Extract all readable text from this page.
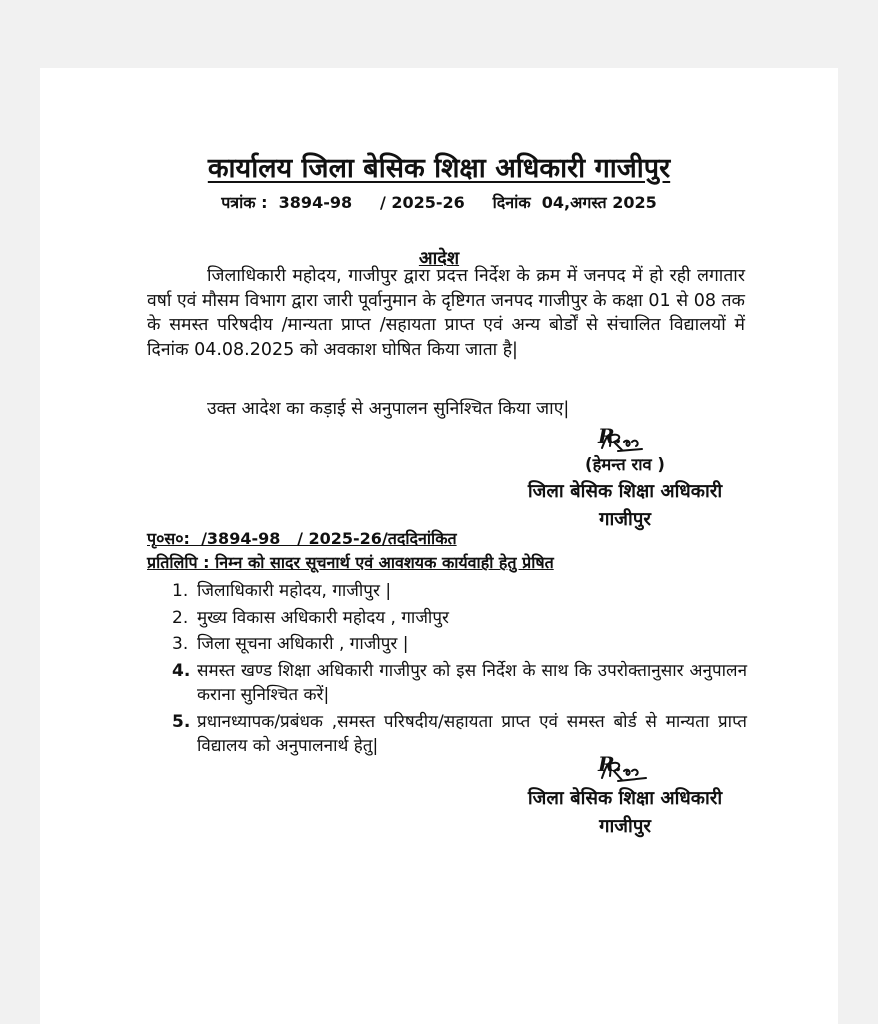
कार्यालय जिला बेसिक शिक्षा अधिकारी गाजीपुर
पत्रांक :  3894-98     / 2025-26     दिनांक  04,अगस्त 2025
आदेश

जिलाधिकारी महोदय, गाजीपुर द्वारा प्रदत्त निर्देश के क्रम में जनपद में हो रही लगातार वर्षा एवं मौसम विभाग द्वारा जारी पूर्वानुमान के दृष्टिगत जनपद गाजीपुर के कक्षा 01 से 08 तक के समस्त परिषदीय /मान्यता प्राप्त /सहायता प्राप्त एवं अन्य बोर्डों से संचालित विद्यालयों में दिनांक 04.08.2025 को अवकाश घोषित किया जाता है|

उक्त आदेश का कड़ाई से अनुपालन सुनिश्चित किया जाए|

R.
(हेमन्त राव )
जिला बेसिक शिक्षा अधिकारी
गाजीपुर
पृ०स०:  /3894-98   / 2025-26/तददिनांकित
प्रतिलिपि : निम्न को सादर सूचनार्थ एवं आवशयक कार्यवाही हेतु प्रेषित
1. जिलाधिकारी महोदय, गाजीपुर |
2. मुख्य विकास अधिकारी महोदय , गाजीपुर
3. जिला सूचना अधिकारी , गाजीपुर |
4. समस्त खण्ड शिक्षा अधिकारी गाजीपुर को इस निर्देश के साथ कि उपरोक्तानुसार अनुपालन कराना सुनिश्चित करें|
5. प्रधानध्यापक/प्रबंधक ,समस्त परिषदीय/सहायता प्राप्त एवं समस्त बोर्ड से मान्यता प्राप्त विद्यालय को अनुपालनार्थ हेतु|
R.
जिला बेसिक शिक्षा अधिकारी
गाजीपुर
